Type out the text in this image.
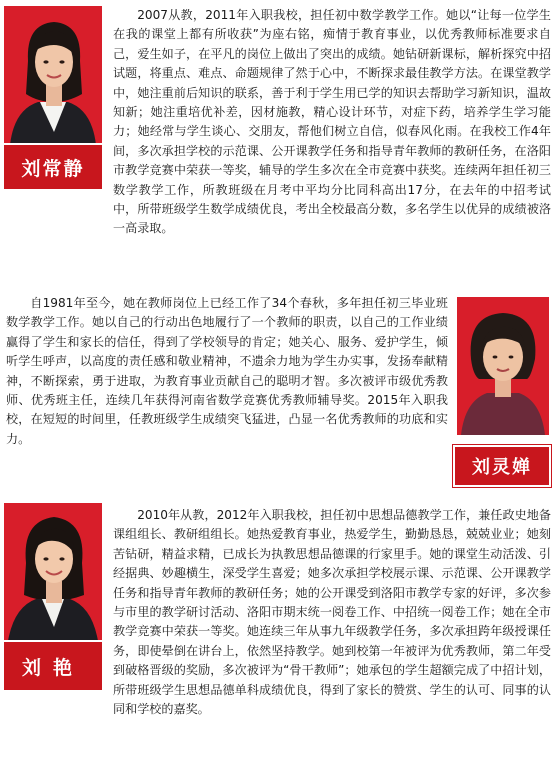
刘常静

2007从教，2011年入职我校，担任初中数学教学工作。她以“让每一位学生在我的课堂上都有所收获”为座右铭，痴情于教育事业，以优秀教师标准要求自己，爱生如子，在平凡的岗位上做出了突出的成绩。她钻研新课标，解析探究中招试题，将重点、难点、命题规律了然于心中，不断探求最佳教学方法。在课堂教学中，她注重前后知识的联系，善于利于学生用已学的知识去帮助学习新知识，温故知新；她注重培优补差，因材施教，精心设计环节，对症下药，培养学生学习能力；她经常与学生谈心、交朋友，帮他们树立自信，似春风化雨。在我校工作4年间，多次承担学校的示范课、公开课教学任务和指导青年教师的教研任务，在洛阳市教学竞赛中荣获一等奖，辅导的学生多次在全市竞赛中获奖。连续两年担任初三数学教学工作，所教班级在月考中平均分比同科高出17分，在去年的中招考试中，所带班级学生数学成绩优良，考出全校最高分数，多名学生以优异的成绩被洛一高录取。

自1981年至今，她在教师岗位上已经工作了34个春秋，多年担任初三毕业班数学教学工作。她以自己的行动出色地履行了一个教师的职责，以自己的工作业绩赢得了学生和家长的信任，得到了学校领导的肯定；她关心、服务、爱护学生，倾听学生呼声，以高度的责任感和敬业精神，不遗余力地为学生办实事，发扬奉献精神，不断探索，勇于进取，为教育事业贡献自己的聪明才智。多次被评市级优秀教师、优秀班主任，连续几年获得河南省数学竞赛优秀教师辅导奖。2015年入职我校，在短短的时间里，任教班级学生成绩突飞猛进，凸显一名优秀教师的功底和实力。

刘灵婵
刘艳

2010年从教，2012年入职我校，担任初中思想品德教学工作，兼任政史地备课组组长、教研组组长。她热爱教育事业，热爱学生，勤勤恳恳，兢兢业业；她刻苦钻研，精益求精，已成长为执教思想品德课的行家里手。她的课堂生动活泼、引经据典、妙趣横生，深受学生喜爱；她多次承担学校展示课、示范课、公开课教学任务和指导青年教师的教研任务；她的公开课受到洛阳市教学专家的好评，多次参与市里的教学研讨活动、洛阳市期末统一阅卷工作、中招统一阅卷工作；她在全市教学竞赛中荣获一等奖。她连续三年从事九年级教学任务，多次承担跨年级授课任务，即使晕倒在讲台上，依然坚持教学。她到校第一年被评为优秀教师，第二年受到破格晋级的奖励，多次被评为“骨干教师”；她承包的学生超额完成了中招计划，所带班级学生思想品德单科成绩优良，得到了家长的赞赏、学生的认可、同事的认同和学校的嘉奖。
